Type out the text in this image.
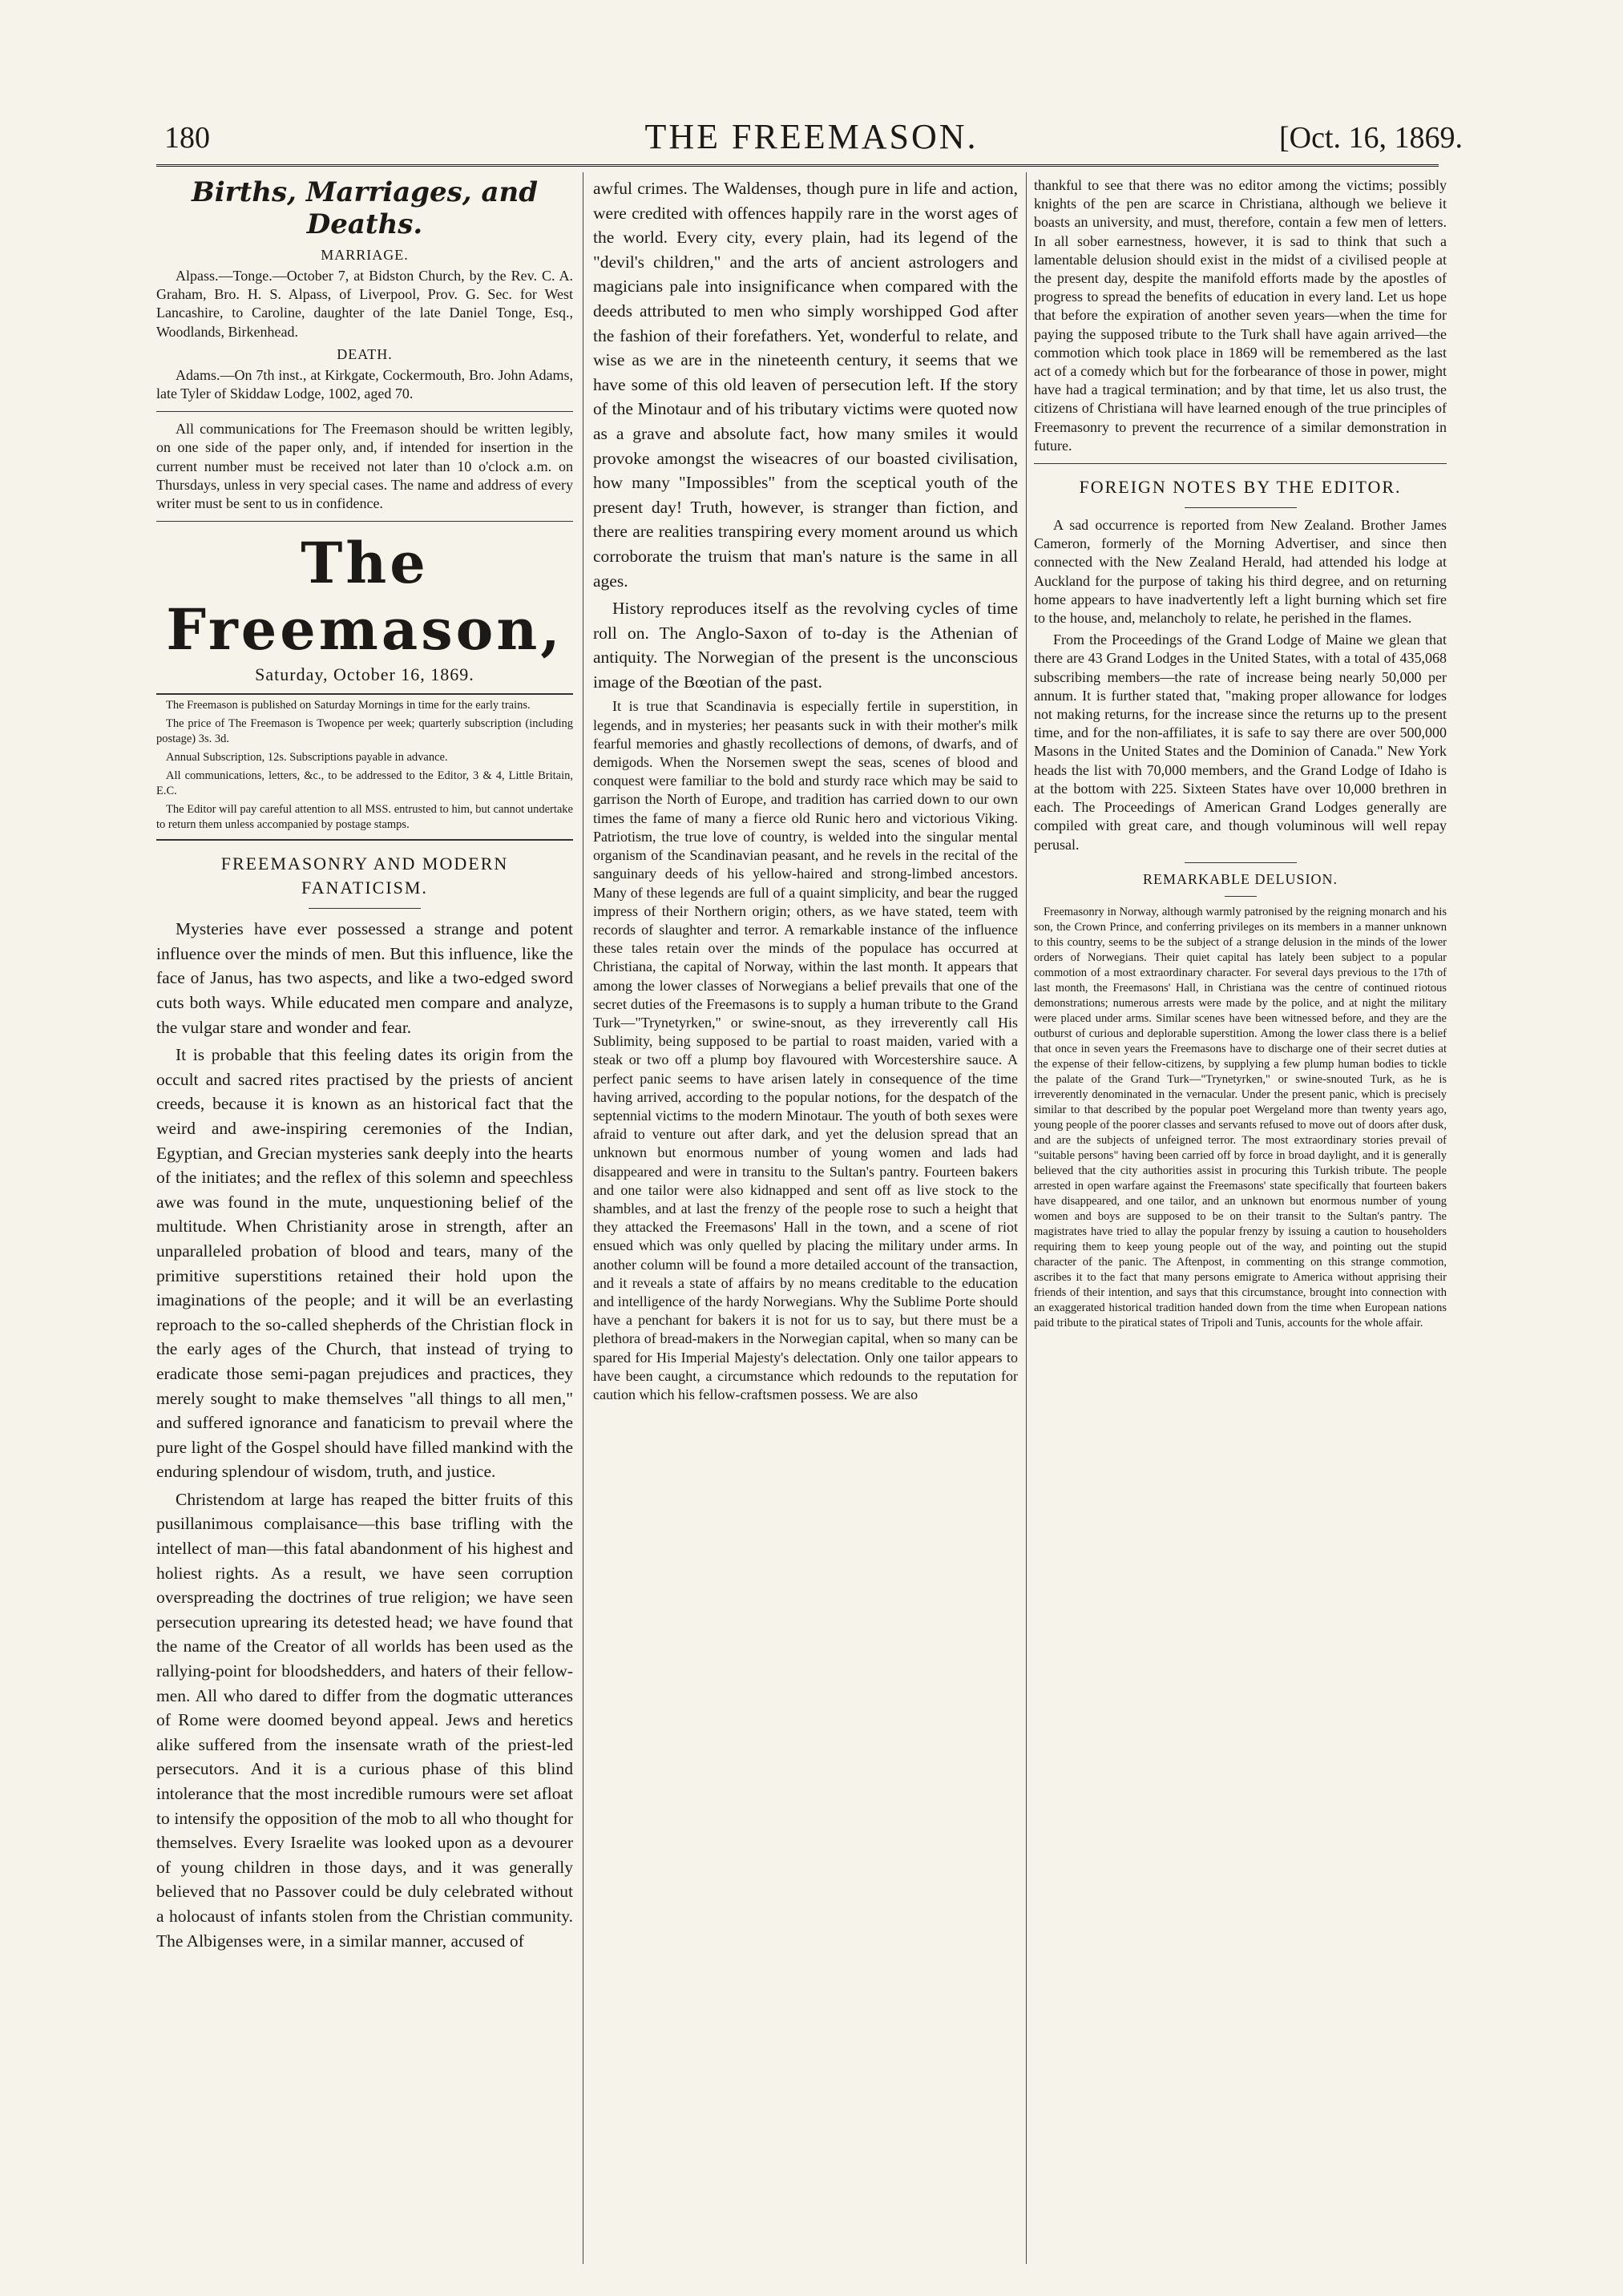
180	THE FREEMASON.	[Oct. 16, 1869.
Births, Marriages, and Deaths.
MARRIAGE.

Alpass.—Tonge.—October 7, at Bidston Church, by the Rev. C. A. Graham, Bro. H. S. Alpass, of Liverpool, Prov. G. Sec. for West Lancashire, to Caroline, daughter of the late Daniel Tonge, Esq., Woodlands, Birkenhead.

DEATH.

Adams.—On 7th inst., at Kirkgate, Cockermouth, Bro. John Adams, late Tyler of Skiddaw Lodge, 1002, aged 70.

All communications for The Freemason should be written legibly, on one side of the paper only, and, if intended for insertion in the current number must be received not later than 10 o'clock a.m. on Thursdays, unless in very special cases. The name and address of every writer must be sent to us in confidence.

The Freemason,
Saturday, October 16, 1869.

The Freemason is published on Saturday Mornings in time for the early trains.

The price of The Freemason is Twopence per week; quarterly subscription (including postage) 3s. 3d.

Annual Subscription, 12s. Subscriptions payable in advance.

All communications, letters, &c., to be addressed to the Editor, 3 & 4, Little Britain, E.C.

The Editor will pay careful attention to all MSS. entrusted to him, but cannot undertake to return them unless accompanied by postage stamps.

FREEMASONRY AND MODERN FANATICISM.

Mysteries have ever possessed a strange and potent influence over the minds of men. But this influence, like the face of Janus, has two aspects, and like a two-edged sword cuts both ways. While educated men compare and analyze, the vulgar stare and wonder and fear.

It is probable that this feeling dates its origin from the occult and sacred rites practised by the priests of ancient creeds, because it is known as an historical fact that the weird and awe-inspiring ceremonies of the Indian, Egyptian, and Grecian mysteries sank deeply into the hearts of the initiates; and the reflex of this solemn and speechless awe was found in the mute, unquestioning belief of the multitude. When Christianity arose in strength, after an unparalleled probation of blood and tears, many of the primitive superstitions retained their hold upon the imaginations of the people; and it will be an everlasting reproach to the so-called shepherds of the Christian flock in the early ages of the Church, that instead of trying to eradicate those semi-pagan prejudices and practices, they merely sought to make themselves "all things to all men," and suffered ignorance and fanaticism to prevail where the pure light of the Gospel should have filled mankind with the enduring splendour of wisdom, truth, and justice.

Christendom at large has reaped the bitter fruits of this pusillanimous complaisance—this base trifling with the intellect of man—this fatal abandonment of his highest and holiest rights. As a result, we have seen corruption overspreading the doctrines of true religion; we have seen persecution uprearing its detested head; we have found that the name of the Creator of all worlds has been used as the rallying-point for bloodshedders, and haters of their fellow-men. All who dared to differ from the dogmatic utterances of Rome were doomed beyond appeal. Jews and heretics alike suffered from the insensate wrath of the priest-led persecutors. And it is a curious phase of this blind intolerance that the most incredible rumours were set afloat to intensify the opposition of the mob to all who thought for themselves. Every Israelite was looked upon as a devourer of young children in those days, and it was generally believed that no Passover could be duly celebrated without a holocaust of infants stolen from the Christian community. The Albigenses were, in a similar manner, accused of

awful crimes. The Waldenses, though pure in life and action, were credited with offences happily rare in the worst ages of the world. Every city, every plain, had its legend of the "devil's children," and the arts of ancient astrologers and magicians pale into insignificance when compared with the deeds attributed to men who simply worshipped God after the fashion of their forefathers. Yet, wonderful to relate, and wise as we are in the nineteenth century, it seems that we have some of this old leaven of persecution left. If the story of the Minotaur and of his tributary victims were quoted now as a grave and absolute fact, how many smiles it would provoke amongst the wiseacres of our boasted civilisation, how many "Impossibles" from the sceptical youth of the present day! Truth, however, is stranger than fiction, and there are realities transpiring every moment around us which corroborate the truism that man's nature is the same in all ages.

History reproduces itself as the revolving cycles of time roll on. The Anglo-Saxon of to-day is the Athenian of antiquity. The Norwegian of the present is the unconscious image of the Bœotian of the past.

It is true that Scandinavia is especially fertile in superstition, in legends, and in mysteries; her peasants suck in with their mother's milk fearful memories and ghastly recollections of demons, of dwarfs, and of demigods. When the Norsemen swept the seas, scenes of blood and conquest were familiar to the bold and sturdy race which may be said to garrison the North of Europe, and tradition has carried down to our own times the fame of many a fierce old Runic hero and victorious Viking. Patriotism, the true love of country, is welded into the singular mental organism of the Scandinavian peasant, and he revels in the recital of the sanguinary deeds of his yellow-haired and strong-limbed ancestors. Many of these legends are full of a quaint simplicity, and bear the rugged impress of their Northern origin; others, as we have stated, teem with records of slaughter and terror. A remarkable instance of the influence these tales retain over the minds of the populace has occurred at Christiana, the capital of Norway, within the last month. It appears that among the lower classes of Norwegians a belief prevails that one of the secret duties of the Freemasons is to supply a human tribute to the Grand Turk—"Trynetyrken," or swine-snout, as they irreverently call His Sublimity, being supposed to be partial to roast maiden, varied with a steak or two off a plump boy flavoured with Worcestershire sauce. A perfect panic seems to have arisen lately in consequence of the time having arrived, according to the popular notions, for the despatch of the septennial victims to the modern Minotaur. The youth of both sexes were afraid to venture out after dark, and yet the delusion spread that an unknown but enormous number of young women and lads had disappeared and were in transitu to the Sultan's pantry. Fourteen bakers and one tailor were also kidnapped and sent off as live stock to the shambles, and at last the frenzy of the people rose to such a height that they attacked the Freemasons' Hall in the town, and a scene of riot ensued which was only quelled by placing the military under arms. In another column will be found a more detailed account of the transaction, and it reveals a state of affairs by no means creditable to the education and intelligence of the hardy Norwegians. Why the Sublime Porte should have a penchant for bakers it is not for us to say, but there must be a plethora of bread-makers in the Norwegian capital, when so many can be spared for His Imperial Majesty's delectation. Only one tailor appears to have been caught, a circumstance which redounds to the reputation for caution which his fellow-craftsmen possess. We are also

thankful to see that there was no editor among the victims; possibly knights of the pen are scarce in Christiana, although we believe it boasts an university, and must, therefore, contain a few men of letters. In all sober earnestness, however, it is sad to think that such a lamentable delusion should exist in the midst of a civilised people at the present day, despite the manifold efforts made by the apostles of progress to spread the benefits of education in every land. Let us hope that before the expiration of another seven years—when the time for paying the supposed tribute to the Turk shall have again arrived—the commotion which took place in 1869 will be remembered as the last act of a comedy which but for the forbearance of those in power, might have had a tragical termination; and by that time, let us also trust, the citizens of Christiana will have learned enough of the true principles of Freemasonry to prevent the recurrence of a similar demonstration in future.

FOREIGN NOTES BY THE EDITOR.

A sad occurrence is reported from New Zealand. Brother James Cameron, formerly of the Morning Advertiser, and since then connected with the New Zealand Herald, had attended his lodge at Auckland for the purpose of taking his third degree, and on returning home appears to have inadvertently left a light burning which set fire to the house, and, melancholy to relate, he perished in the flames.

From the Proceedings of the Grand Lodge of Maine we glean that there are 43 Grand Lodges in the United States, with a total of 435,068 subscribing members—the rate of increase being nearly 50,000 per annum. It is further stated that, "making proper allowance for lodges not making returns, for the increase since the returns up to the present time, and for the non-affiliates, it is safe to say there are over 500,000 Masons in the United States and the Dominion of Canada." New York heads the list with 70,000 members, and the Grand Lodge of Idaho is at the bottom with 225. Sixteen States have over 10,000 brethren in each. The Proceedings of American Grand Lodges generally are compiled with great care, and though voluminous will well repay perusal.

REMARKABLE DELUSION.

Freemasonry in Norway, although warmly patronised by the reigning monarch and his son, the Crown Prince, and conferring privileges on its members in a manner unknown to this country, seems to be the subject of a strange delusion in the minds of the lower orders of Norwegians. Their quiet capital has lately been subject to a popular commotion of a most extraordinary character. For several days previous to the 17th of last month, the Freemasons' Hall, in Christiana was the centre of continued riotous demonstrations; numerous arrests were made by the police, and at night the military were placed under arms. Similar scenes have been witnessed before, and they are the outburst of curious and deplorable superstition. Among the lower class there is a belief that once in seven years the Freemasons have to discharge one of their secret duties at the expense of their fellow-citizens, by supplying a few plump human bodies to tickle the palate of the Grand Turk—"Trynetyrken," or swine-snouted Turk, as he is irreverently denominated in the vernacular. Under the present panic, which is precisely similar to that described by the popular poet Wergeland more than twenty years ago, young people of the poorer classes and servants refused to move out of doors after dusk, and are the subjects of unfeigned terror. The most extraordinary stories prevail of "suitable persons" having been carried off by force in broad daylight, and it is generally believed that the city authorities assist in procuring this Turkish tribute. The people arrested in open warfare against the Freemasons' state specifically that fourteen bakers have disappeared, and one tailor, and an unknown but enormous number of young women and boys are supposed to be on their transit to the Sultan's pantry. The magistrates have tried to allay the popular frenzy by issuing a caution to householders requiring them to keep young people out of the way, and pointing out the stupid character of the panic. The Aftenpost, in commenting on this strange commotion, ascribes it to the fact that many persons emigrate to America without apprising their friends of their intention, and says that this circumstance, brought into connection with an exaggerated historical tradition handed down from the time when European nations paid tribute to the piratical states of Tripoli and Tunis, accounts for the whole affair.
